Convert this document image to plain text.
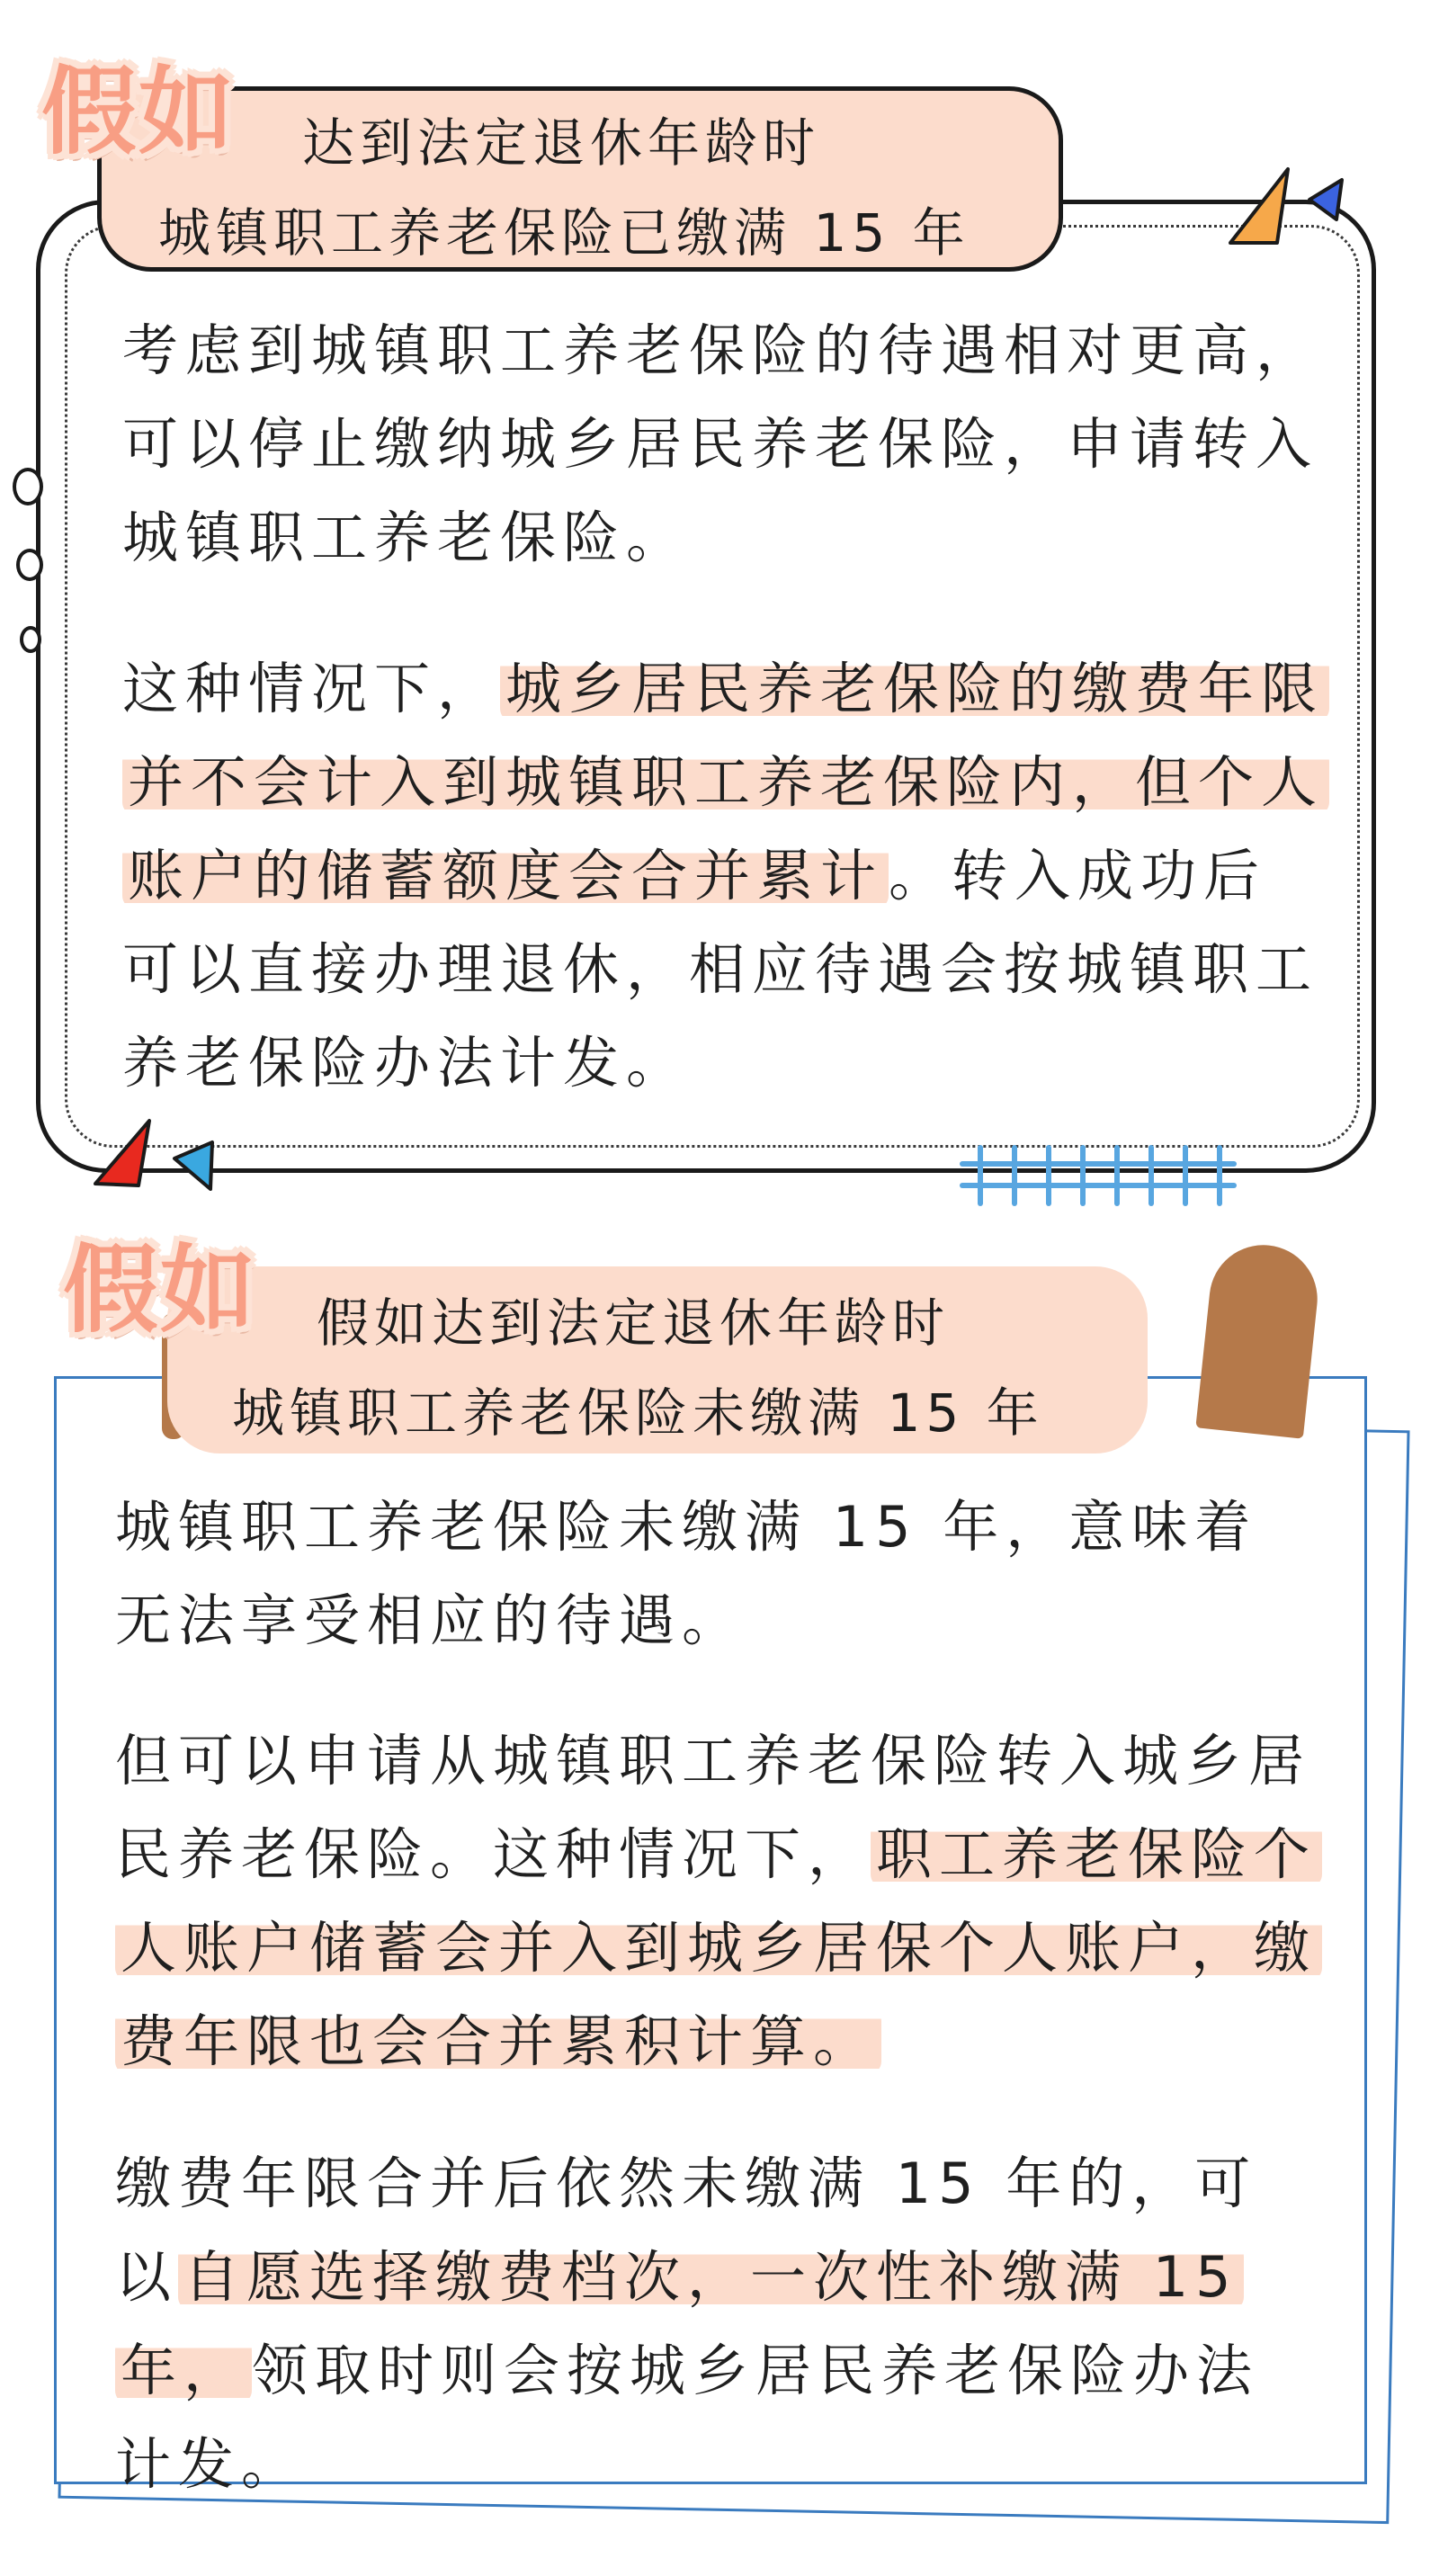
假如 达到法定退休年龄时
城镇职工养老保险已缴满 15 年
考虑到城镇职工养老保险的待遇相对更高，可以停止缴纳城乡居民养老保险，申请转入城镇职工养老保险。
这种情况下，城乡居民养老保险的缴费年限并不会计入到城镇职工养老保险内，但个人账户的储蓄额度会合并累计。转入成功后可以直接办理退休，相应待遇会按城镇职工养老保险办法计发。
假如 假如达到法定退休年龄时
城镇职工养老保险未缴满 15 年
城镇职工养老保险未缴满 15 年，意味着无法享受相应的待遇。
但可以申请从城镇职工养老保险转入城乡居民养老保险。这种情况下，职工养老保险个人账户储蓄会并入到城乡居保个人账户，缴费年限也会合并累积计算。
缴费年限合并后依然未缴满 15 年的，可以自愿选择缴费档次，一次性补缴满 15 年，领取时则会按城乡居民养老保险办法计发。
